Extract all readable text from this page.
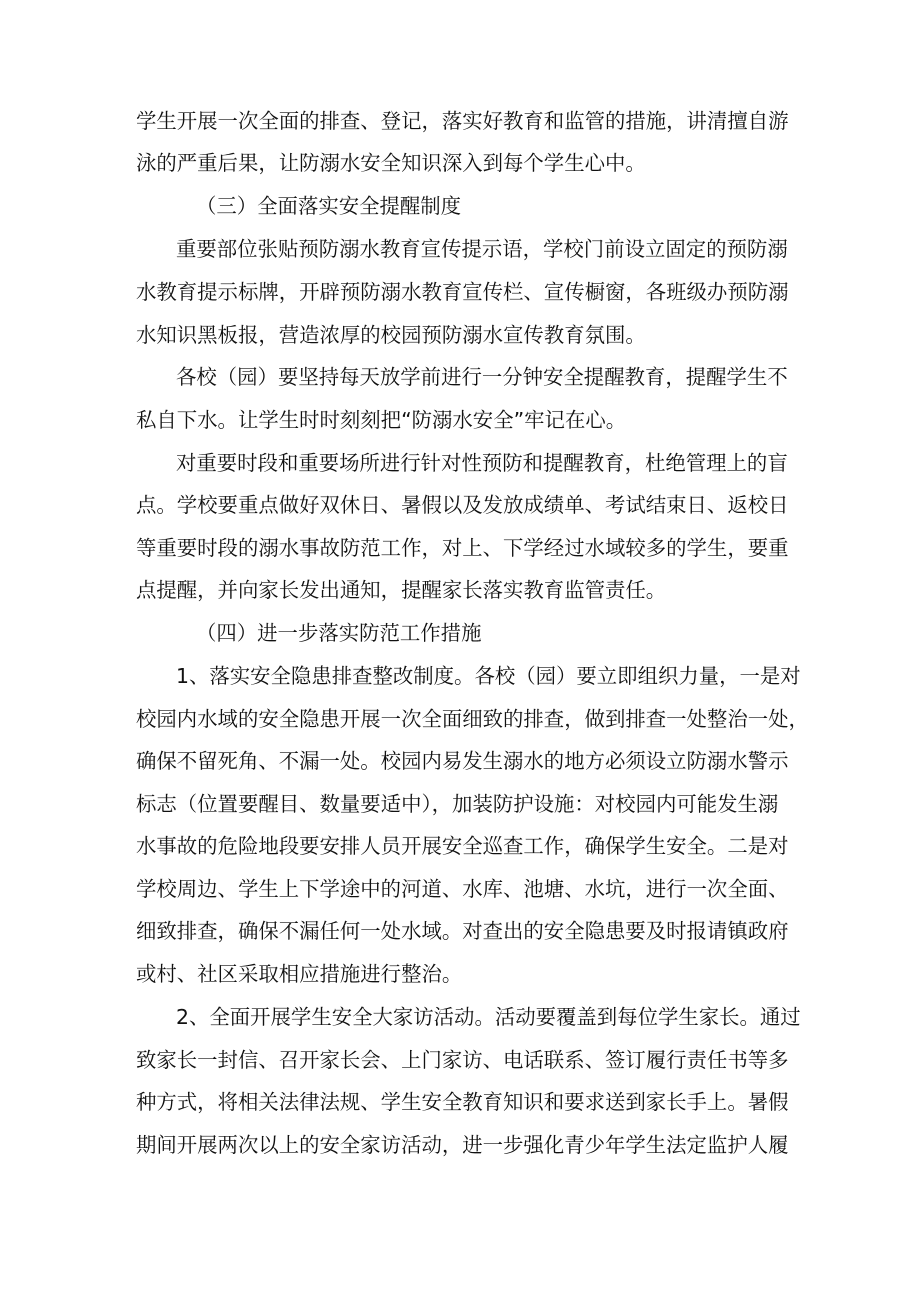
学生开展一次全面的排查、登记，落实好教育和监管的措施，讲清擅自游
泳的严重后果，让防溺水安全知识深入到每个学生心中。
（三）全面落实安全提醒制度
重要部位张贴预防溺水教育宣传提示语，学校门前设立固定的预防溺
水教育提示标牌，开辟预防溺水教育宣传栏、宣传橱窗，各班级办预防溺
水知识黑板报，营造浓厚的校园预防溺水宣传教育氛围。
各校（园）要坚持每天放学前进行一分钟安全提醒教育，提醒学生不
私自下水。让学生时时刻刻把“防溺水安全”牢记在心。
对重要时段和重要场所进行针对性预防和提醒教育，杜绝管理上的盲
点。学校要重点做好双休日、暑假以及发放成绩单、考试结束日、返校日
等重要时段的溺水事故防范工作，对上、下学经过水域较多的学生，要重
点提醒，并向家长发出通知，提醒家长落实教育监管责任。
（四）进一步落实防范工作措施
1、落实安全隐患排查整改制度。各校（园）要立即组织力量，一是对
校园内水域的安全隐患开展一次全面细致的排查，做到排查一处整治一处，
确保不留死角、不漏一处。校园内易发生溺水的地方必须设立防溺水警示
标志（位置要醒目、数量要适中），加装防护设施：对校园内可能发生溺
水事故的危险地段要安排人员开展安全巡查工作，确保学生安全。二是对
学校周边、学生上下学途中的河道、水库、池塘、水坑，进行一次全面、
细致排查，确保不漏任何一处水域。对查出的安全隐患要及时报请镇政府
或村、社区采取相应措施进行整治。
2、全面开展学生安全大家访活动。活动要覆盖到每位学生家长。通过
致家长一封信、召开家长会、上门家访、电话联系、签订履行责任书等多
种方式，将相关法律法规、学生安全教育知识和要求送到家长手上。暑假
期间开展两次以上的安全家访活动，进一步强化青少年学生法定监护人履
